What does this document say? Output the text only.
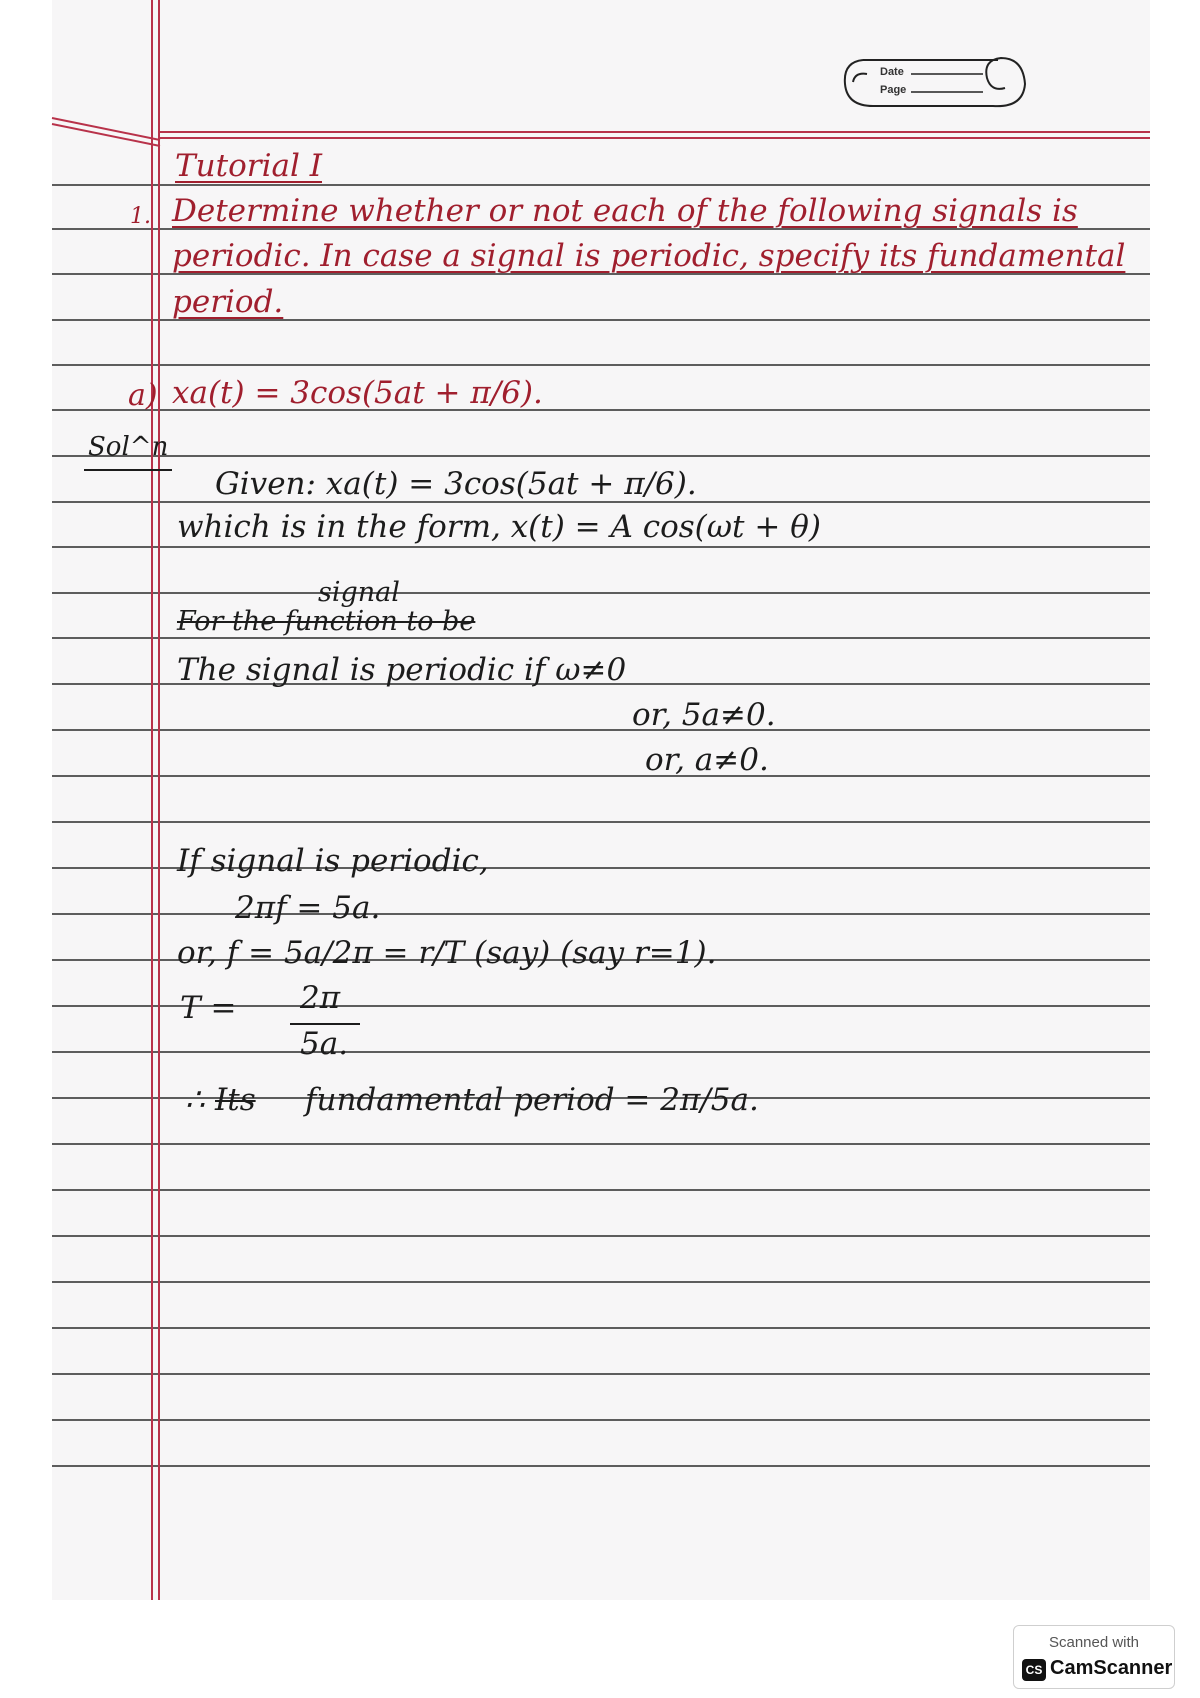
Date
Page
Tutorial I
1. Determine whether or not each of the following signals is
periodic. In case a signal is periodic, specify its fundamental
period.
a) xa(t) = 3cos(5at + π/6).
Sol^n
Given: xa(t) = 3cos(5at + π/6).
which is in the form, x(t) = A cos(ωt + θ)
signal
For the function to be
The signal is periodic if ω≠0
or, 5a≠0.
or, a≠0.
If signal is periodic,
2πf = 5a.
or, f = 5a/2π = r/T (say) (say r=1).
T = 2π
5a.
∴ Its fundamental period = 2π/5a.
Scanned with
CS CamScanner
